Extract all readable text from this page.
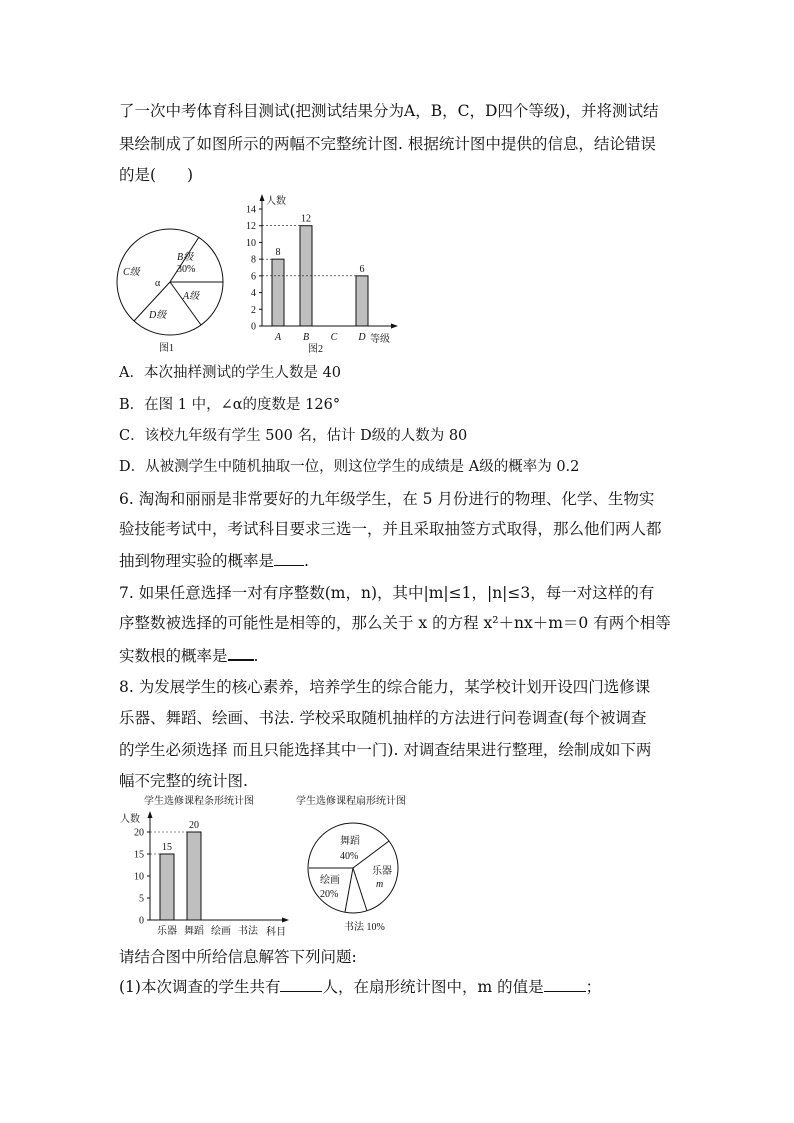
了一次中考体育科目测试(把测试结果分为A，B，C，D四个等级)，并将测试结
果绘制成了如图所示的两幅不完整统计图. 根据统计图中提供的信息，结论错误
的是(　　)
B级
30%
C级
α
A级
D级
图1
人数
等级
图2
0
2
4
6
8
10
12
14
8
A
12
B C
6
D
A．本次抽样测试的学生人数是 40
B．在图 1 中，∠α的度数是 126°
C．该校九年级有学生 500 名，估计 D级的人数为 80
D．从被测学生中随机抽取一位，则这位学生的成绩是 A级的概率为 0.2
6. 淘淘和丽丽是非常要好的九年级学生，在 5 月份进行的物理、化学、生物实
验技能考试中，考试科目要求三选一，并且采取抽签方式取得，那么他们两人都
抽到物理实验的概率是 .
7. 如果任意选择一对有序整数(m，n)，其中|m|≤1，|n|≤3，每一对这样的有
序整数被选择的可能性是相等的，那么关于 x 的方程 x²＋nx＋m＝0 有两个相等
实数根的概率是 .
8. 为发展学生的核心素养，培养学生的综合能力，某学校计划开设四门选修课
乐器、舞蹈、绘画、书法. 学校采取随机抽样的方法进行问卷调查(每个被调查
的学生必须选择 而且只能选择其中一门). 对调查结果进行整理，绘制成如下两
幅不完整的统计图.
学生选修课程条形统计图
人数
科目
0
5
10
15
20
15
乐器
20
舞蹈 绘画 书法
学生选修课程扇形统计图
舞蹈
40%
乐器
m
绘画
20%
书法 10%
请结合图中所给信息解答下列问题:
(1)本次调查的学生共有	人，在扇形统计图中，m 的值是	；
